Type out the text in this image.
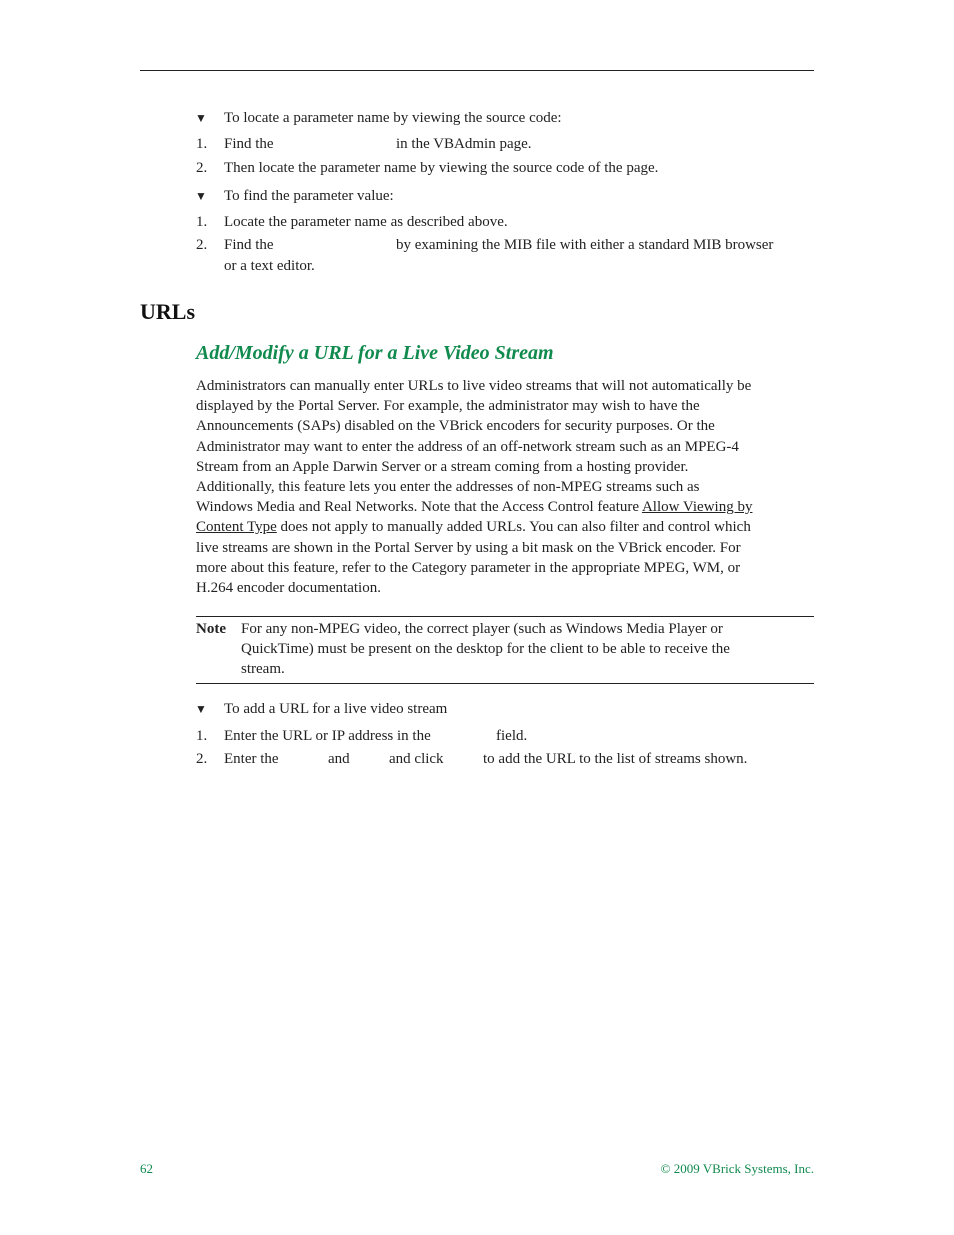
▼ To locate a parameter name by viewing the source code:
1. Find the	in the VBAdmin page.
2. Then locate the parameter name by viewing the source code of the page.
▼ To find the parameter value:
1. Locate the parameter name as described above.
2. Find the	by examining the MIB file with either a standard MIB browser
or a text editor.
URLs
Add/Modify a URL for a Live Video Stream
Administrators can manually enter URLs to live video streams that will not automatically be
displayed by the Portal Server. For example, the administrator may wish to have the
Announcements (SAPs) disabled on the VBrick encoders for security purposes. Or the
Administrator may want to enter the address of an off-network stream such as an MPEG-4
Stream from an Apple Darwin Server or a stream coming from a hosting provider.
Additionally, this feature lets you enter the addresses of non-MPEG streams such as
Windows Media and Real Networks. Note that the Access Control feature Allow Viewing by
Content Type does not apply to manually added URLs. You can also filter and control which
live streams are shown in the Portal Server by using a bit mask on the VBrick encoder. For
more about this feature, refer to the Category parameter in the appropriate MPEG, WM, or
H.264 encoder documentation.
Note For any non-MPEG video, the correct player (such as Windows Media Player or
QuickTime) must be present on the desktop for the client to be able to receive the
stream.
▼ To add a URL for a live video stream
1. Enter the URL or IP address in the	field.
2. Enter the	and	and click	to add the URL to the list of streams shown.
62	© 2009 VBrick Systems, Inc.
